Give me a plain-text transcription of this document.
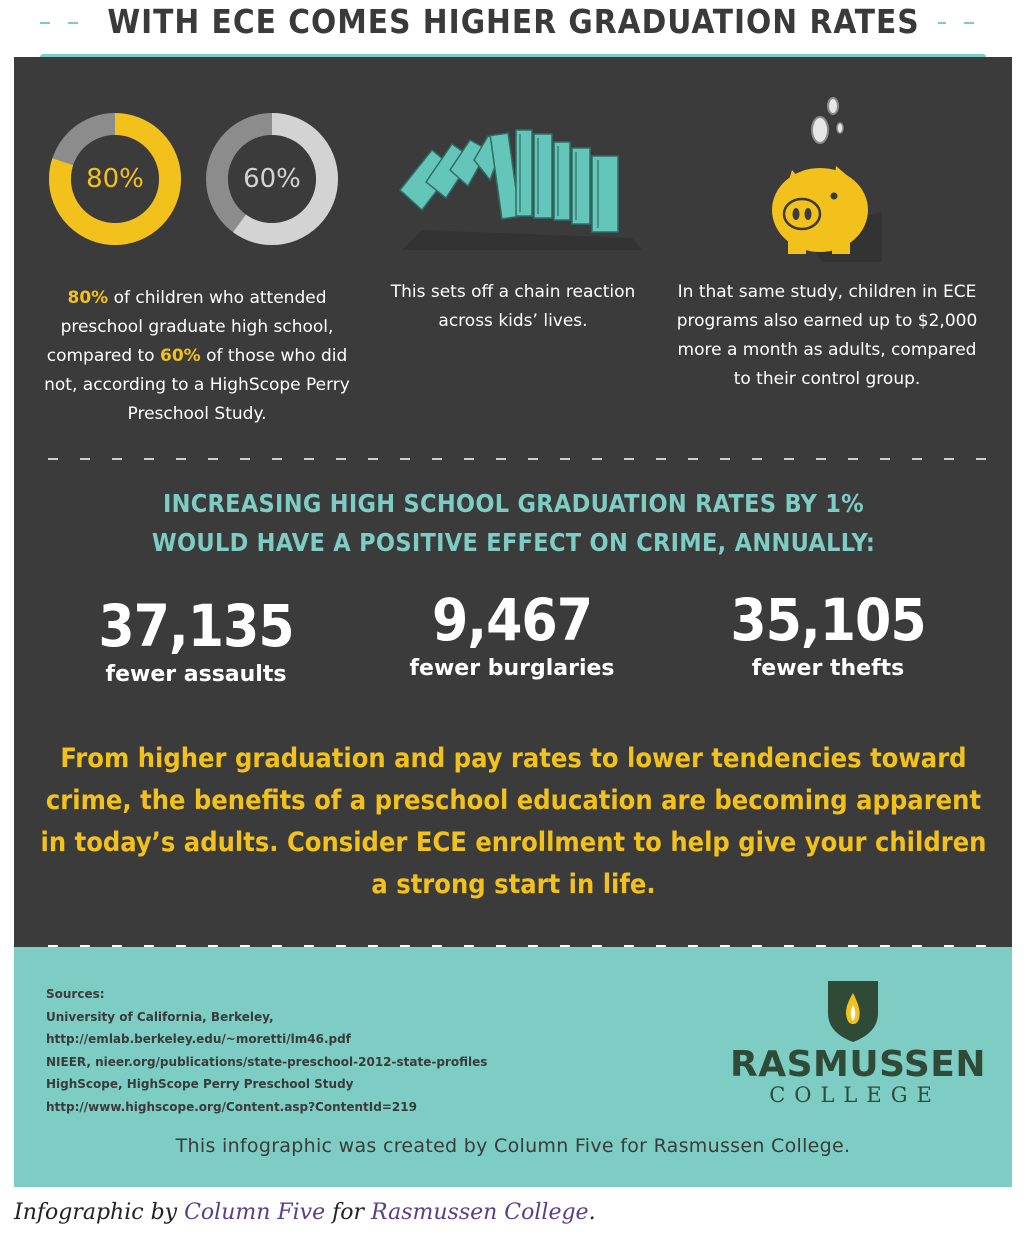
WITH ECE COMES HIGHER GRADUATION RATES
80%	60%
80% of children who attended preschool graduate high school, compared to 60% of those who did not, according to a HighScope Perry Preschool Study.
This sets off a chain reaction across kids’ lives.
In that same study, children in ECE programs also earned up to $2,000 more a month as adults, compared to their control group.
INCREASING HIGH SCHOOL GRADUATION RATES BY 1%
WOULD HAVE A POSITIVE EFFECT ON CRIME, ANNUALLY:
37,135
fewer assaults
9,467
fewer burglaries
35,105
fewer thefts
From higher graduation and pay rates to lower tendencies toward crime, the benefits of a preschool education are becoming apparent in today’s adults. Consider ECE enrollment to help give your children a strong start in life.
Sources:
University of California, Berkeley,
http://emlab.berkeley.edu/~moretti/lm46.pdf
NIEER, nieer.org/publications/state-preschool-2012-state-profiles
HighScope, HighScope Perry Preschool Study
http://www.highscope.org/Content.asp?ContentId=219
RASMUSSEN
COLLEGE
This infographic was created by Column Five for Rasmussen College.
Infographic by Column Five for Rasmussen College.
